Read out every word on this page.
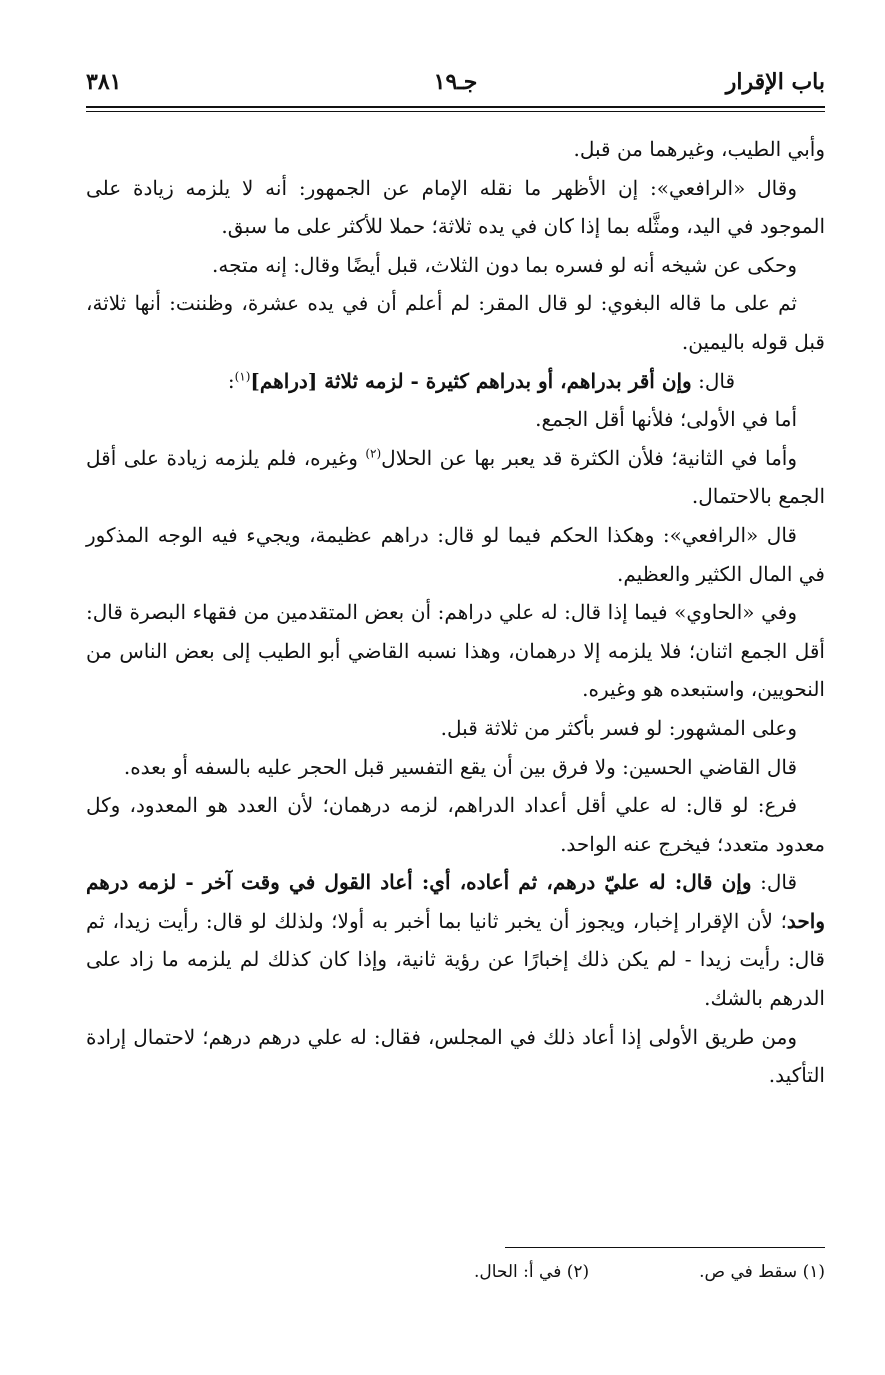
باب الإقرار
جـ١٩
٣٨١

وأبي الطيب، وغيرهما من قبل.

وقال «الرافعي»: إن الأظهر ما نقله الإمام عن الجمهور: أنه لا يلزمه زيادة على الموجود في اليد، ومثَّله بما إذا كان في يده ثلاثة؛ حملا للأكثر على ما سبق.

وحكى عن شيخه أنه لو فسره بما دون الثلاث، قبل أيضًا وقال: إنه متجه.

ثم على ما قاله البغوي: لو قال المقر: لم أعلم أن في يده عشرة، وظننت: أنها ثلاثة، قبل قوله باليمين.

قال: وإن أقر بدراهم، أو بدراهم كثيرة - لزمه ثلاثة [دراهم]$^{(١)}$:

أما في الأولى؛ فلأنها أقل الجمع.

وأما في الثانية؛ فلأن الكثرة قد يعبر بها عن الحلال$^{(٢)}$ وغيره، فلم يلزمه زيادة على أقل الجمع بالاحتمال.

قال «الرافعي»: وهكذا الحكم فيما لو قال: دراهم عظيمة، ويجيء فيه الوجه المذكور في المال الكثير والعظيم.

وفي «الحاوي» فيما إذا قال: له علي دراهم: أن بعض المتقدمين من فقهاء البصرة قال: أقل الجمع اثنان؛ فلا يلزمه إلا درهمان، وهذا نسبه القاضي أبو الطيب إلى بعض الناس من النحويين، واستبعده هو وغيره.

وعلى المشهور: لو فسر بأكثر من ثلاثة قبل.

قال القاضي الحسين: ولا فرق بين أن يقع التفسير قبل الحجر عليه بالسفه أو بعده.

فرع: لو قال: له علي أقل أعداد الدراهم، لزمه درهمان؛ لأن العدد هو المعدود، وكل معدود متعدد؛ فيخرج عنه الواحد.

قال: وإن قال: له عليّ درهم، ثم أعاده، أي: أعاد القول في وقت آخر - لزمه درهم واحد؛ لأن الإقرار إخبار، ويجوز أن يخبر ثانيا بما أخبر به أولا؛ ولذلك لو قال: رأيت زيدا، ثم قال: رأيت زيدا - لم يكن ذلك إخبارًا عن رؤية ثانية، وإذا كان كذلك لم يلزمه ما زاد على الدرهم بالشك.

ومن طريق الأولى إذا أعاد ذلك في المجلس، فقال: له علي درهم درهم؛ لاحتمال إرادة التأكيد.

(١) سقط في ص.
(٢) في أ: الحال.
